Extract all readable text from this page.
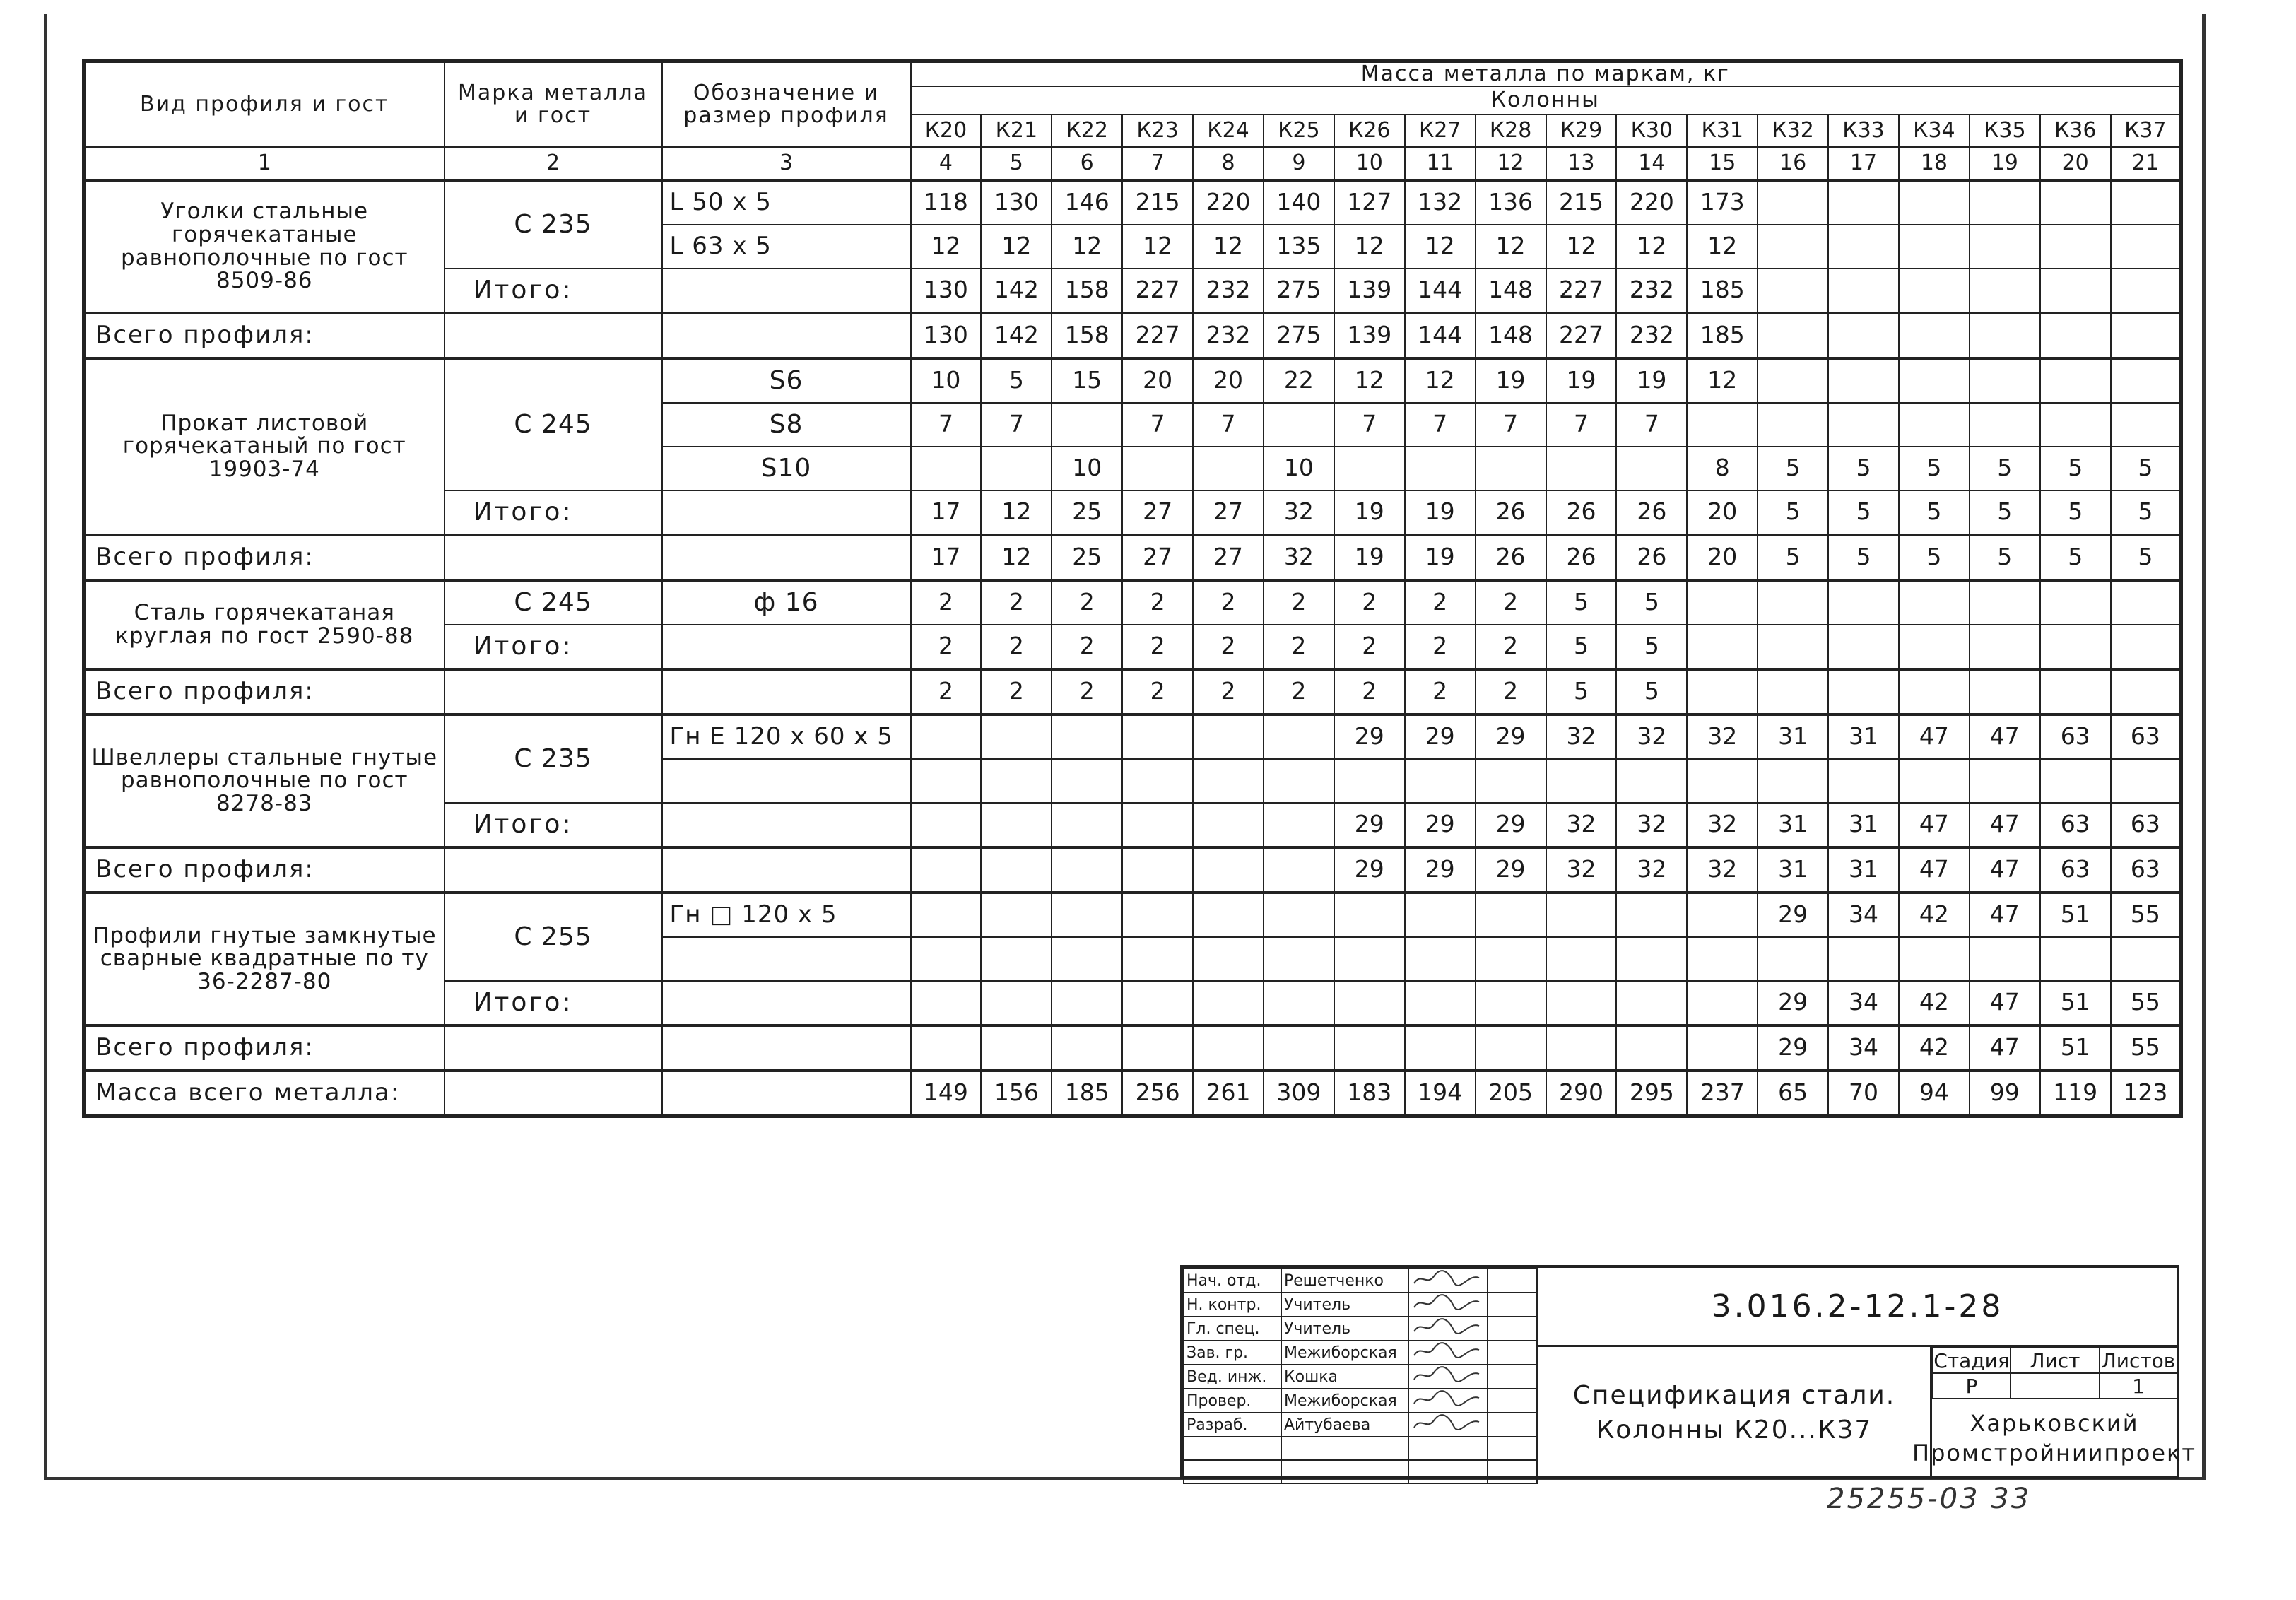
Вид профиля и гост	Марка металла и гост	Обозначение и размер профиля	Масса металла по маркам, кг																	
			Колонны																	
			К20	К21	К22	К23	К24	К25	К26	К27	К28	К29	К30	К31	К32	К33	К34	К35	К36	К37
1	2	3	4	5	6	7	8	9	10	11	12	13	14	15	16	17	18	19	20	21
Уголки стальные горячекатаные равнополочные по гост 8509-86	С 235	L 50 x 5	118	130	146	215	220	140	127	132	136	215	220	173						
		L 63 x 5	12	12	12	12	12	135	12	12	12	12	12	12						
	Итого:		130	142	158	227	232	275	139	144	148	227	232	185						
Всего профиля:			130	142	158	227	232	275	139	144	148	227	232	185						
Прокат листовой горячекатаный по гост 19903-74	С 245	S6	10	5	15	20	20	22	12	12	19	19	19	12						
		S8	7	7		7	7		7	7	7	7	7							
		S10			10			10						8	5	5	5	5	5	5
	Итого:		17	12	25	27	27	32	19	19	26	26	26	20	5	5	5	5	5	5
Всего профиля:			17	12	25	27	27	32	19	19	26	26	26	20	5	5	5	5	5	5
Сталь горячекатаная круглая по гост 2590-88	С 245	ф 16	2	2	2	2	2	2	2	2	2	5	5							
	Итого:		2	2	2	2	2	2	2	2	2	5	5							
Всего профиля:			2	2	2	2	2	2	2	2	2	5	5							
Швеллеры стальные гнутые равнополочные по гост 8278-83	С 235	Гн Е 120 х 60 х 5							29	29	29	32	32	32	31	31	47	47	63	63

	Итого:								29	29	29	32	32	32	31	31	47	47	63	63
Всего профиля:									29	29	29	32	32	32	31	31	47	47	63	63
Профили гнутые замкнутые сварные квадратные по ту 36-2287-80	С 255	Гн □ 120 х 5													29	34	42	47	51	55

	Итого:														29	34	42	47	51	55
Всего профиля:															29	34	42	47	51	55
Масса всего металла:			149	156	185	256	261	309	183	194	205	290	295	237	65	70	94	99	119	123
Нач. отд.	Решетченко		
Н. контр.	Учитель		
Гл. спец.	Учитель		
Зав. гр.	Межиборская		
Вед. инж.	Кошка		
Провер.	Межиборская		
Разраб.	Айтубаева		

3.016.2-12.1-28
Спецификация стали.
Колонны К20...К37
Стадия	Лист	Листов
Р		1
Харьковский
Промстройниипроект
25255-03 33
